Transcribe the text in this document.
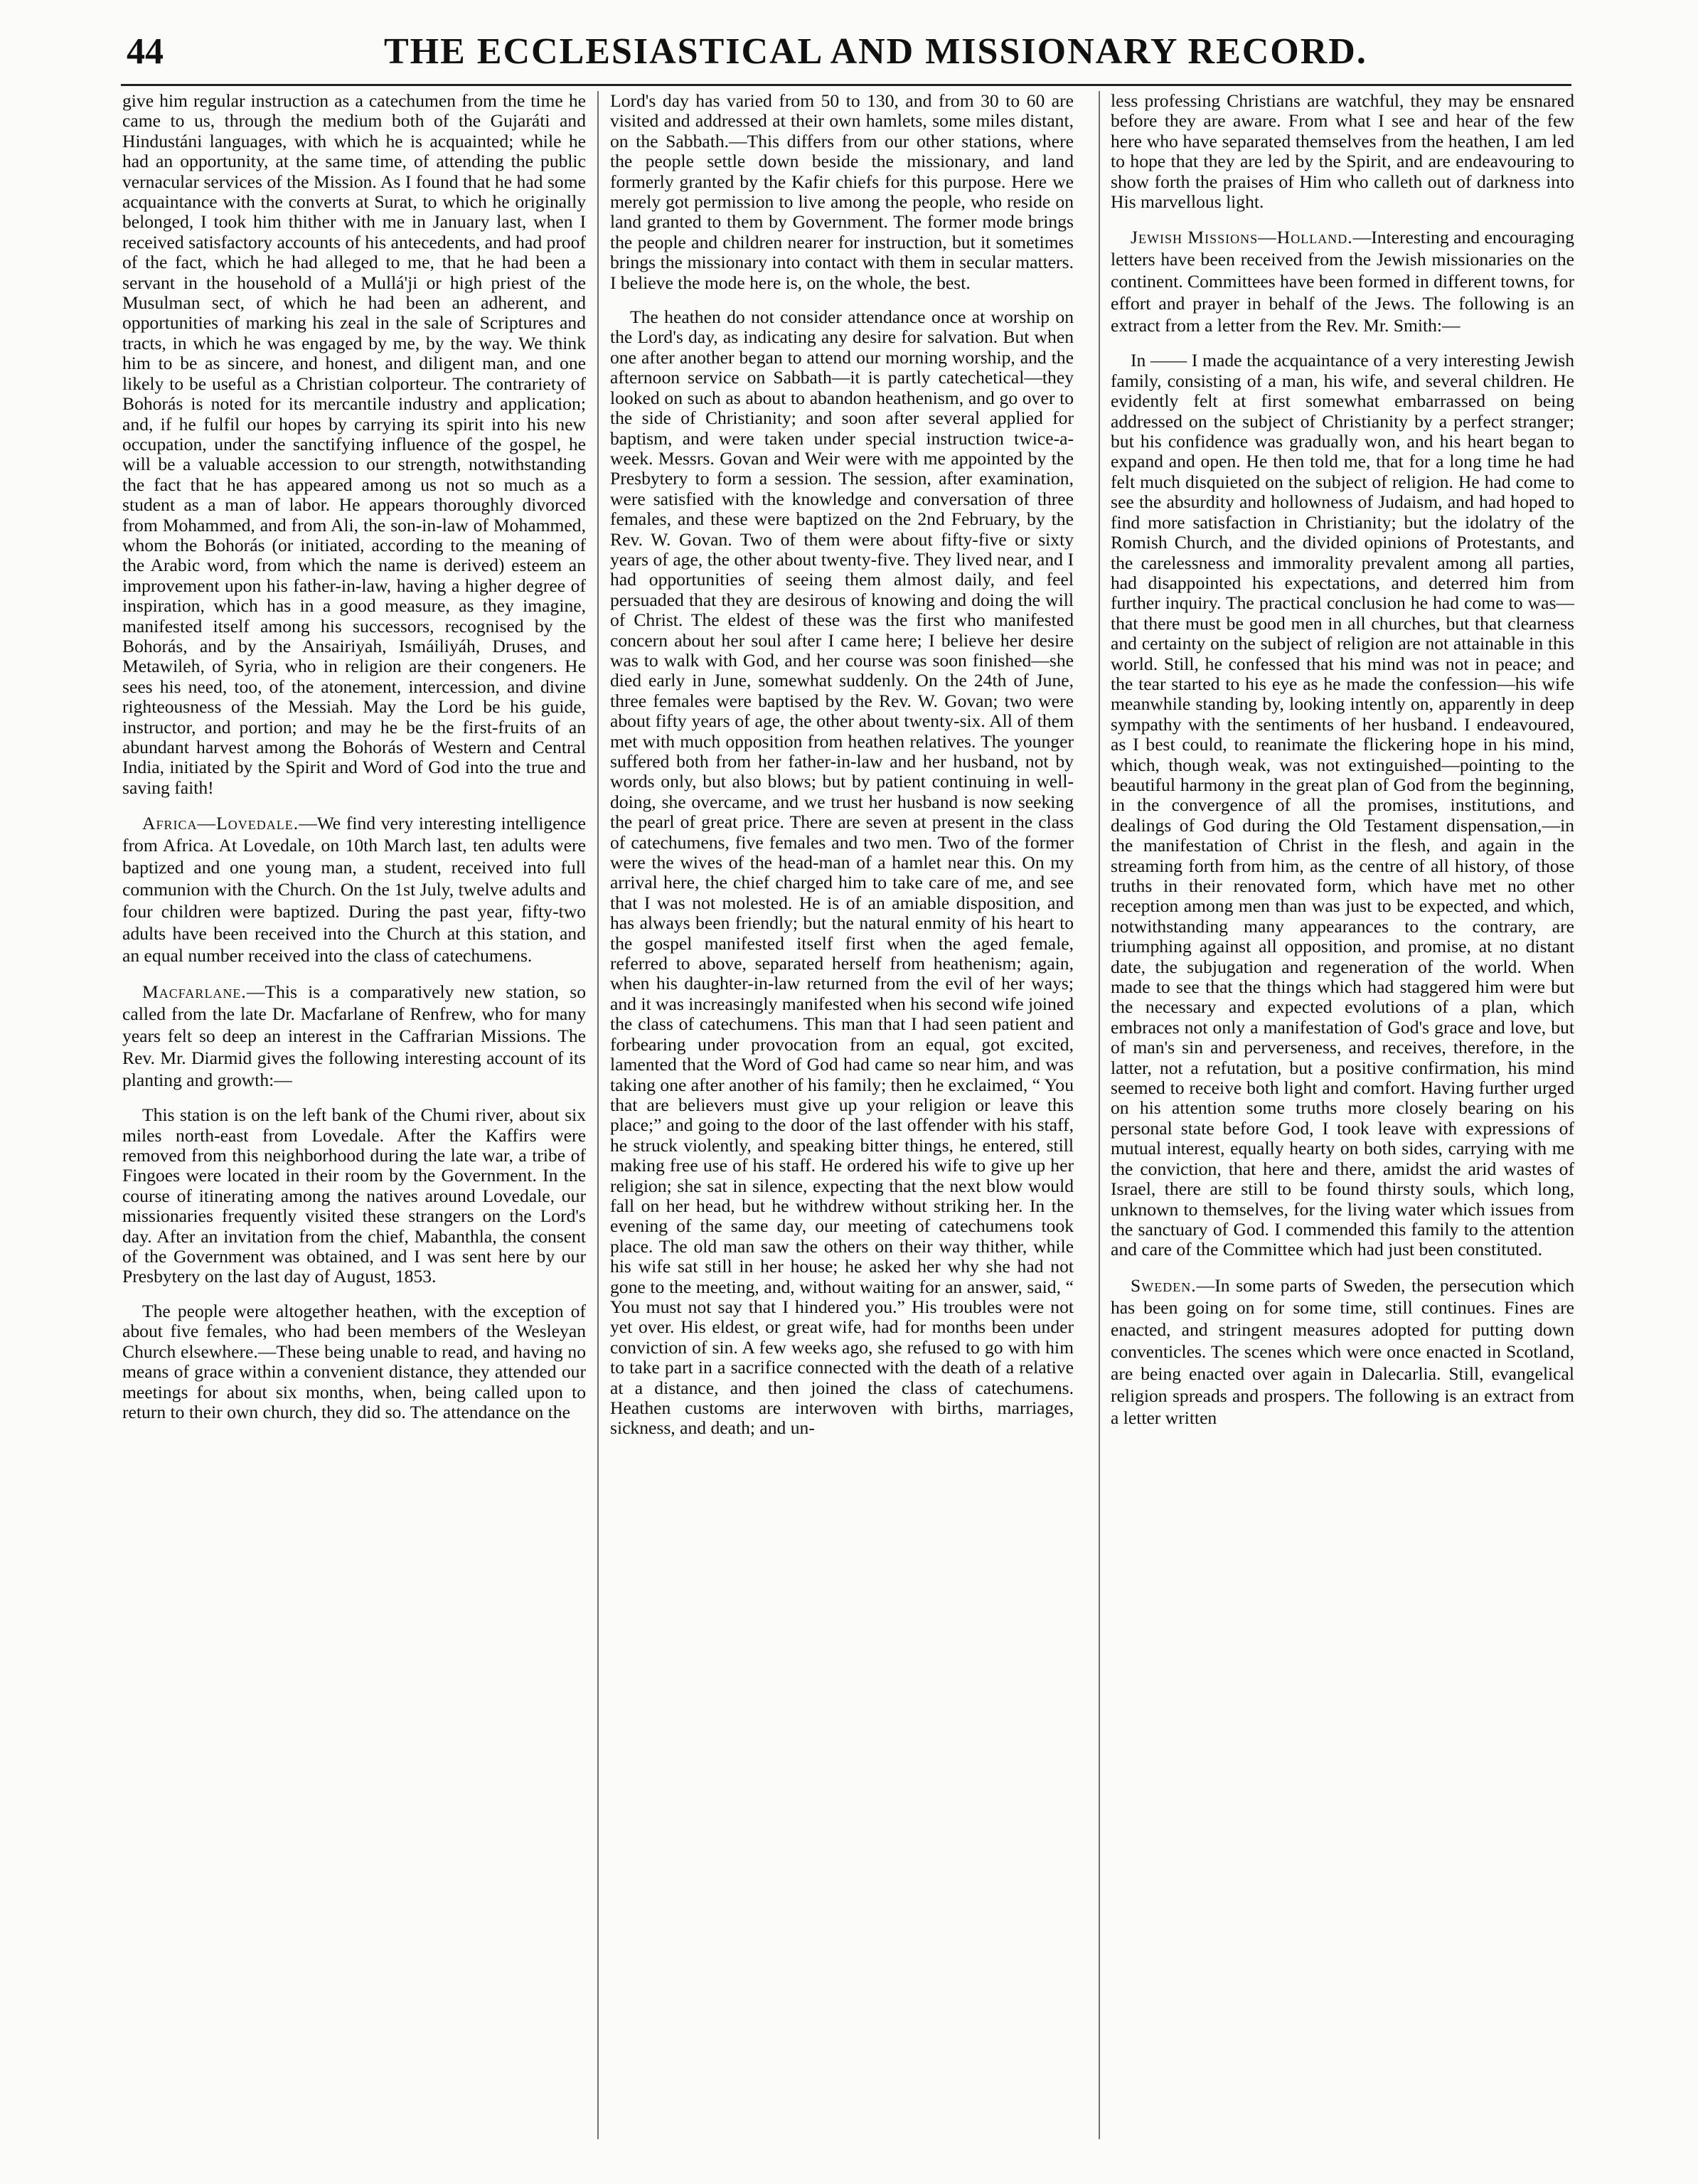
44	THE ECCLESIASTICAL AND MISSIONARY RECORD.

give him regular instruction as a catechumen from the time he came to us, through the medium both of the Gujaráti and Hindustáni languages, with which he is acquainted; while he had an opportunity, at the same time, of attending the public vernacular services of the Mission. As I found that he had some acquaintance with the converts at Surat, to which he originally belonged, I took him thither with me in January last, when I received satisfactory accounts of his antecedents, and had proof of the fact, which he had alleged to me, that he had been a servant in the household of a Mullá'ji or high priest of the Musulman sect, of which he had been an adherent, and opportunities of marking his zeal in the sale of Scriptures and tracts, in which he was engaged by me, by the way. We think him to be as sincere, and honest, and diligent man, and one likely to be useful as a Christian colporteur. The contrariety of Bohorás is noted for its mercantile industry and application; and, if he fulfil our hopes by carrying its spirit into his new occupation, under the sanctifying influence of the gospel, he will be a valuable accession to our strength, notwithstanding the fact that he has appeared among us not so much as a student as a man of labor. He appears thoroughly divorced from Mohammed, and from Ali, the son-in-law of Mohammed, whom the Bohorás (or initiated, according to the meaning of the Arabic word, from which the name is derived) esteem an improvement upon his father-in-law, having a higher degree of inspiration, which has in a good measure, as they imagine, manifested itself among his successors, recognised by the Bohorás, and by the Ansairiyah, Ismáiliyáh, Druses, and Metawileh, of Syria, who in religion are their congeners. He sees his need, too, of the atonement, intercession, and divine righteousness of the Messiah. May the Lord be his guide, instructor, and portion; and may he be the first-fruits of an abundant harvest among the Bohorás of Western and Central India, initiated by the Spirit and Word of God into the true and saving faith!

Africa—Lovedale.—We find very interesting intelligence from Africa. At Lovedale, on 10th March last, ten adults were baptized and one young man, a student, received into full communion with the Church. On the 1st July, twelve adults and four children were baptized. During the past year, fifty-two adults have been received into the Church at this station, and an equal number received into the class of catechumens.

Macfarlane.—This is a comparatively new station, so called from the late Dr. Macfarlane of Renfrew, who for many years felt so deep an interest in the Caffrarian Missions. The Rev. Mr. Diarmid gives the following interesting account of its planting and growth:—

This station is on the left bank of the Chumi river, about six miles north-east from Lovedale. After the Kaffirs were removed from this neighborhood during the late war, a tribe of Fingoes were located in their room by the Government. In the course of itinerating among the natives around Lovedale, our missionaries frequently visited these strangers on the Lord's day. After an invitation from the chief, Mabanthla, the consent of the Government was obtained, and I was sent here by our Presbytery on the last day of August, 1853.

The people were altogether heathen, with the exception of about five females, who had been members of the Wesleyan Church elsewhere.—These being unable to read, and having no means of grace within a convenient distance, they attended our meetings for about six months, when, being called upon to return to their own church, they did so. The attendance on the

Lord's day has varied from 50 to 130, and from 30 to 60 are visited and addressed at their own hamlets, some miles distant, on the Sabbath.—This differs from our other stations, where the people settle down beside the missionary, and land formerly granted by the Kafir chiefs for this purpose. Here we merely got permission to live among the people, who reside on land granted to them by Government. The former mode brings the people and children nearer for instruction, but it sometimes brings the missionary into contact with them in secular matters. I believe the mode here is, on the whole, the best.

The heathen do not consider attendance once at worship on the Lord's day, as indicating any desire for salvation. But when one after another began to attend our morning worship, and the afternoon service on Sabbath—it is partly catechetical—they looked on such as about to abandon heathenism, and go over to the side of Christianity; and soon after several applied for baptism, and were taken under special instruction twice-a-week. Messrs. Govan and Weir were with me appointed by the Presbytery to form a session. The session, after examination, were satisfied with the knowledge and conversation of three females, and these were baptized on the 2nd February, by the Rev. W. Govan. Two of them were about fifty-five or sixty years of age, the other about twenty-five. They lived near, and I had opportunities of seeing them almost daily, and feel persuaded that they are desirous of knowing and doing the will of Christ. The eldest of these was the first who manifested concern about her soul after I came here; I believe her desire was to walk with God, and her course was soon finished—she died early in June, somewhat suddenly. On the 24th of June, three females were baptised by the Rev. W. Govan; two were about fifty years of age, the other about twenty-six. All of them met with much opposition from heathen relatives. The younger suffered both from her father-in-law and her husband, not by words only, but also blows; but by patient continuing in well-doing, she overcame, and we trust her husband is now seeking the pearl of great price. There are seven at present in the class of catechumens, five females and two men. Two of the former were the wives of the head-man of a hamlet near this. On my arrival here, the chief charged him to take care of me, and see that I was not molested. He is of an amiable disposition, and has always been friendly; but the natural enmity of his heart to the gospel manifested itself first when the aged female, referred to above, separated herself from heathenism; again, when his daughter-in-law returned from the evil of her ways; and it was increasingly manifested when his second wife joined the class of catechumens. This man that I had seen patient and forbearing under provocation from an equal, got excited, lamented that the Word of God had came so near him, and was taking one after another of his family; then he exclaimed, “ You that are believers must give up your religion or leave this place;” and going to the door of the last offender with his staff, he struck violently, and speaking bitter things, he entered, still making free use of his staff. He ordered his wife to give up her religion; she sat in silence, expecting that the next blow would fall on her head, but he withdrew without striking her. In the evening of the same day, our meeting of catechumens took place. The old man saw the others on their way thither, while his wife sat still in her house; he asked her why she had not gone to the meeting, and, without waiting for an answer, said, “ You must not say that I hindered you.” His troubles were not yet over. His eldest, or great wife, had for months been under conviction of sin. A few weeks ago, she refused to go with him to take part in a sacrifice connected with the death of a relative at a distance, and then joined the class of catechumens. Heathen customs are interwoven with births, marriages, sickness, and death; and un-

less professing Christians are watchful, they may be ensnared before they are aware. From what I see and hear of the few here who have separated themselves from the heathen, I am led to hope that they are led by the Spirit, and are endeavouring to show forth the praises of Him who calleth out of darkness into His marvellous light.

Jewish Missions—Holland.—Interesting and encouraging letters have been received from the Jewish missionaries on the continent. Committees have been formed in different towns, for effort and prayer in behalf of the Jews. The following is an extract from a letter from the Rev. Mr. Smith:—

In —— I made the acquaintance of a very interesting Jewish family, consisting of a man, his wife, and several children. He evidently felt at first somewhat embarrassed on being addressed on the subject of Christianity by a perfect stranger; but his confidence was gradually won, and his heart began to expand and open. He then told me, that for a long time he had felt much disquieted on the subject of religion. He had come to see the absurdity and hollowness of Judaism, and had hoped to find more satisfaction in Christianity; but the idolatry of the Romish Church, and the divided opinions of Protestants, and the carelessness and immorality prevalent among all parties, had disappointed his expectations, and deterred him from further inquiry. The practical conclusion he had come to was—that there must be good men in all churches, but that clearness and certainty on the subject of religion are not attainable in this world. Still, he confessed that his mind was not in peace; and the tear started to his eye as he made the confession—his wife meanwhile standing by, looking intently on, apparently in deep sympathy with the sentiments of her husband. I endeavoured, as I best could, to reanimate the flickering hope in his mind, which, though weak, was not extinguished—pointing to the beautiful harmony in the great plan of God from the beginning, in the convergence of all the promises, institutions, and dealings of God during the Old Testament dispensation,—in the manifestation of Christ in the flesh, and again in the streaming forth from him, as the centre of all history, of those truths in their renovated form, which have met no other reception among men than was just to be expected, and which, notwithstanding many appearances to the contrary, are triumphing against all opposition, and promise, at no distant date, the subjugation and regeneration of the world. When made to see that the things which had staggered him were but the necessary and expected evolutions of a plan, which embraces not only a manifestation of God's grace and love, but of man's sin and perverseness, and receives, therefore, in the latter, not a refutation, but a positive confirmation, his mind seemed to receive both light and comfort. Having further urged on his attention some truths more closely bearing on his personal state before God, I took leave with expressions of mutual interest, equally hearty on both sides, carrying with me the conviction, that here and there, amidst the arid wastes of Israel, there are still to be found thirsty souls, which long, unknown to themselves, for the living water which issues from the sanctuary of God. I commended this family to the attention and care of the Committee which had just been constituted.

Sweden.—In some parts of Sweden, the persecution which has been going on for some time, still continues. Fines are enacted, and stringent measures adopted for putting down conventicles. The scenes which were once enacted in Scotland, are being enacted over again in Dalecarlia. Still, evangelical religion spreads and prospers. The following is an extract from a letter written
